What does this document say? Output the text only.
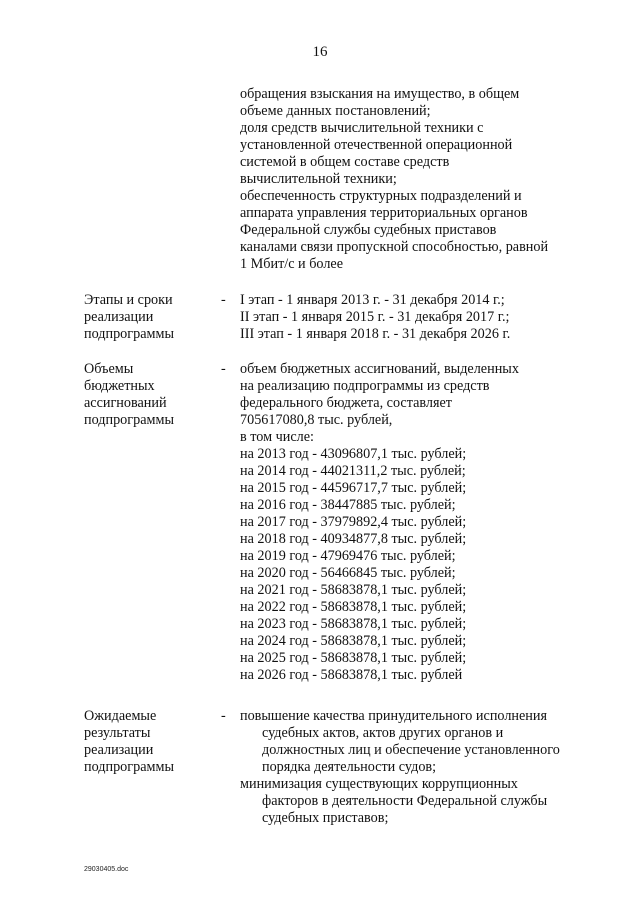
16
обращения взыскания на имущество, в общем
объеме данных постановлений;
доля средств вычислительной техники с
установленной отечественной операционной
системой в общем составе средств
вычислительной техники;
обеспеченность структурных подразделений и
аппарата управления территориальных органов
Федеральной службы судебных приставов
каналами связи пропускной способностью, равной
1 Мбит/с и более
Этапы и сроки
реализации
подпрограммы
- I этап - 1 января 2013 г. - 31 декабря 2014 г.;
II этап - 1 января 2015 г. - 31 декабря 2017 г.;
III этап - 1 января 2018 г. - 31 декабря 2026 г.
Объемы
бюджетных
ассигнований
подпрограммы
- объем бюджетных ассигнований, выделенных
на реализацию подпрограммы из средств
федерального бюджета, составляет
705617080,8 тыс. рублей,
в том числе:
на 2013 год - 43096807,1 тыс. рублей;
на 2014 год - 44021311,2 тыс. рублей;
на 2015 год - 44596717,7 тыс. рублей;
на 2016 год - 38447885 тыс. рублей;
на 2017 год - 37979892,4 тыс. рублей;
на 2018 год - 40934877,8 тыс. рублей;
на 2019 год - 47969476 тыс. рублей;
на 2020 год - 56466845 тыс. рублей;
на 2021 год - 58683878,1 тыс. рублей;
на 2022 год - 58683878,1 тыс. рублей;
на 2023 год - 58683878,1 тыс. рублей;
на 2024 год - 58683878,1 тыс. рублей;
на 2025 год - 58683878,1 тыс. рублей;
на 2026 год - 58683878,1 тыс. рублей
Ожидаемые
результаты
реализации
подпрограммы
- повышение качества принудительного исполнения
судебных актов, актов других органов и
должностных лиц и обеспечение установленного
порядка деятельности судов;
минимизация существующих коррупционных
факторов в деятельности Федеральной службы
судебных приставов;
29030405.doc
